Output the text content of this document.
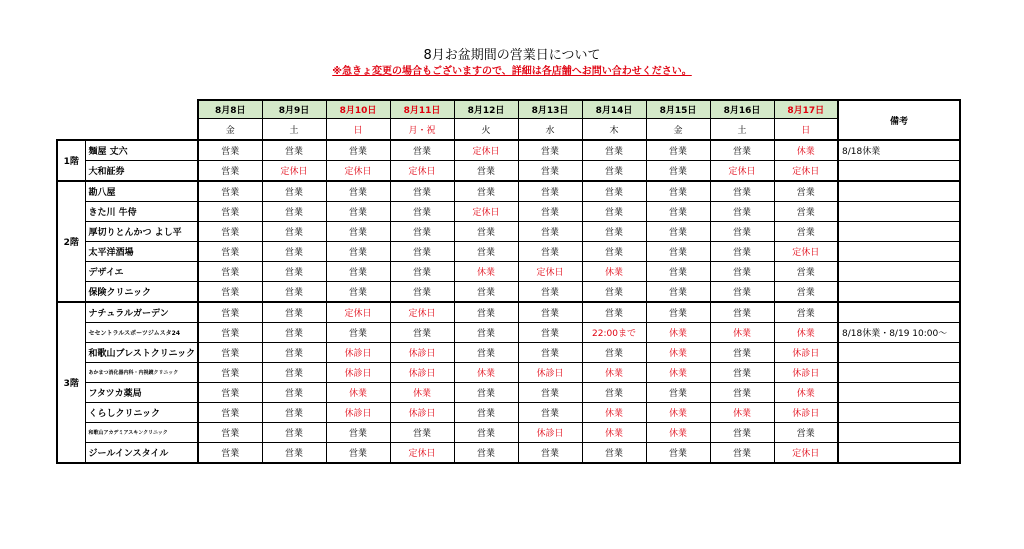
8月お盆期間の営業日について
※急きょ変更の場合もございますので、詳細は各店舗へお問い合わせください。
		8月8日	8月9日	8月10日	8月11日	8月12日	8月13日	8月14日	8月15日	8月16日	8月17日	備考
		金	土	日	月・祝	火	水	木	金	土	日	
1階	麺屋 丈六	営業	営業	営業	営業	定休日	営業	営業	営業	営業	休業	8/18休業
	大和証券	営業	定休日	定休日	定休日	営業	営業	営業	営業	定休日	定休日	
2階	勘八屋	営業	営業	営業	営業	営業	営業	営業	営業	営業	営業	
	きた川 牛侍	営業	営業	営業	営業	定休日	営業	営業	営業	営業	営業	
	厚切りとんかつ よし平	営業	営業	営業	営業	営業	営業	営業	営業	営業	営業	
	太平洋酒場	営業	営業	営業	営業	営業	営業	営業	営業	営業	定休日	
	デザイエ	営業	営業	営業	営業	休業	定休日	休業	営業	営業	営業	
	保険クリニック	営業	営業	営業	営業	営業	営業	営業	営業	営業	営業	
3階	ナチュラルガーデン	営業	営業	定休日	定休日	営業	営業	営業	営業	営業	営業	
	セセントラルスポーツジムスタ24	営業	営業	営業	営業	営業	営業	22:00まで	休業	休業	休業	8/18休業・8/19 10:00～
	和歌山ブレストクリニック	営業	営業	休診日	休診日	営業	営業	営業	休業	営業	休診日	
	あかまつ消化器内科・内視鏡クリニック	営業	営業	休診日	休診日	休業	休診日	休業	休業	営業	休診日	
	フタツカ薬局	営業	営業	休業	休業	営業	営業	営業	営業	営業	休業	
	くらしクリニック	営業	営業	休診日	休診日	営業	営業	休業	休業	休業	休診日	
	和歌山アカデミアスキンクリニック	営業	営業	営業	営業	営業	休診日	休業	休業	営業	営業	
	ジールインスタイル	営業	営業	営業	定休日	営業	営業	営業	営業	営業	定休日	
